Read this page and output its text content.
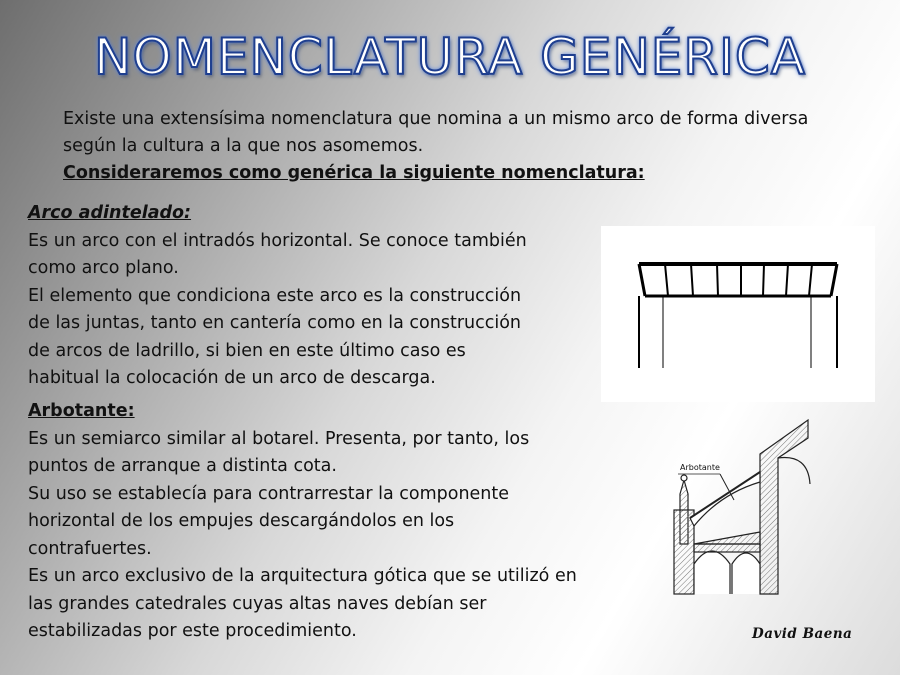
NOMENCLATURA GENÉRICA
Existe una extensísima nomenclatura que nomina a un mismo arco de forma diversa
según la cultura a la que nos asomemos.
Consideraremos como genérica la siguiente nomenclatura:
Arco adintelado:

Es un arco con el intradós horizontal. Se conoce también

como arco plano.

El elemento que condiciona este arco es la construcción

de las juntas, tanto en cantería como en la construcción

de arcos de ladrillo, si bien en este último caso es

habitual la colocación de un arco de descarga.

Arbotante:

Es un semiarco similar al botarel. Presenta, por tanto, los

puntos de arranque a distinta cota.

Su uso se establecía para contrarrestar la componente

horizontal de los empujes descargándolos en los

contrafuertes.

Es un arco exclusivo de la arquitectura gótica que se utilizó en

las grandes catedrales cuyas altas naves debían ser

estabilizadas por este procedimiento.

Arbotante
David Baena
